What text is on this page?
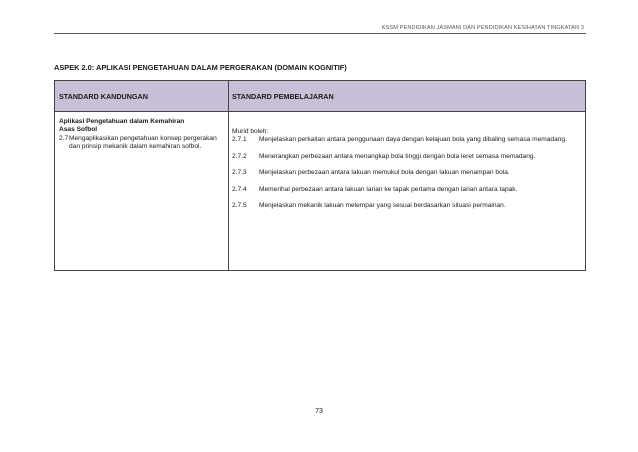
KSSM PENDIDIKAN JASMANI DAN PENDIDIKAN KESIHATAN TINGKATAN 3
ASPEK 2.0: APLIKASI PENGETAHUAN DALAM PERGERAKAN (DOMAIN KOGNITIF)
STANDARD KANDUNGAN	STANDARD PEMBELAJARAN
Aplikasi Pengetahuan dalam Kemahiran
Asas Sofbol
2.7 Mengaplikasikan pengetahuan konsep pergerakan dan prinsip mekanik dalam kemahiran sofbol.
Murid boleh:
2.7.1	Menjelaskan perkaitan antara penggunaan daya dengan kelajuan bola yang dibaling semasa memadang.
2.7.2	Menerangkan perbezaan antara menangkap bola tinggi dengan bola leret semasa memadang.
2.7.3	Menjelaskan perbezaan antara lakuan memukul bola dengan lakuan menampan bola.
2.7.4	Memerihal perbezaan antara lakuan larian ke tapak pertama dengan larian antara tapak.
2.7.5	Menjelaskan mekanik lakuan melempar yang sesuai berdasarkan situasi permainan.
73
